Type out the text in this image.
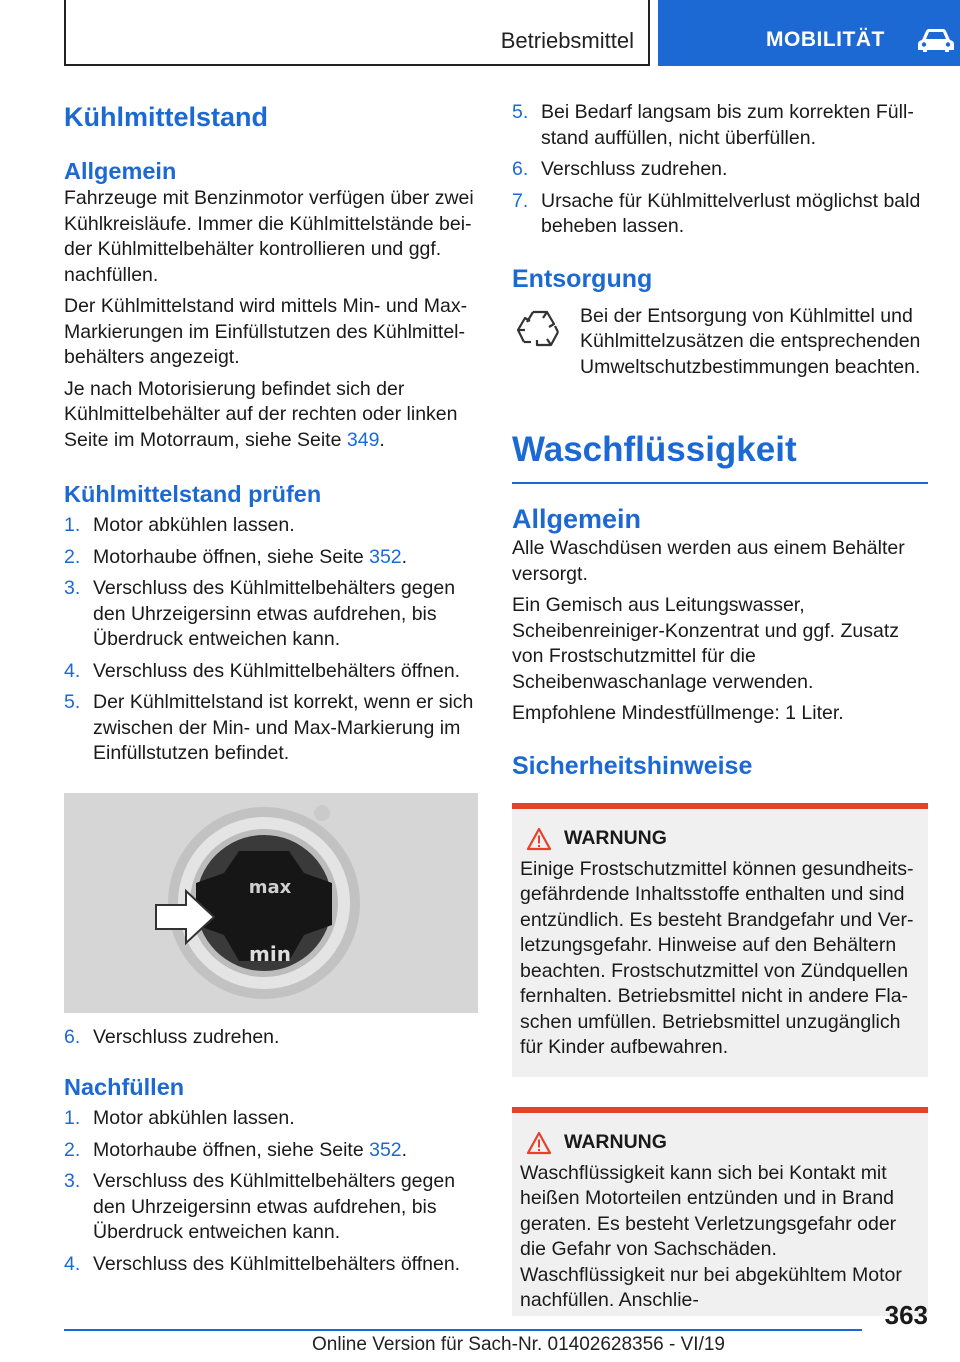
Betriebsmittel	MOBILITÄT
Kühlmittelstand
Allgemein

Fahrzeuge mit Benzinmotor verfügen über zwei Kühlkreisläufe. Immer die Kühlmittelstände beider Kühlmittelbehälter kontrollieren und ggf. nachfüllen.

Der Kühlmittelstand wird mittels Min- und Max-Markierungen im Einfüllstutzen des Kühlmittelbehälters angezeigt.

Je nach Motorisierung befindet sich der Kühlmittelbehälter auf der rechten oder linken Seite im Motorraum, siehe Seite 349.

Kühlmittelstand prüfen
1. Motor abkühlen lassen.
2. Motorhaube öffnen, siehe Seite 352.
3. Verschluss des Kühlmittelbehälters gegen den Uhrzeigersinn etwas aufdrehen, bis Überdruck entweichen kann.
4. Verschluss des Kühlmittelbehälters öffnen.
5. Der Kühlmittelstand ist korrekt, wenn er sich zwischen der Min- und Max-Markierung im Einfüllstutzen befindet.
max
min
6. Verschluss zudrehen.
Nachfüllen
1. Motor abkühlen lassen.
2. Motorhaube öffnen, siehe Seite 352.
3. Verschluss des Kühlmittelbehälters gegen den Uhrzeigersinn etwas aufdrehen, bis Überdruck entweichen kann.
4. Verschluss des Kühlmittelbehälters öffnen.
5. Bei Bedarf langsam bis zum korrekten Füllstand auffüllen, nicht überfüllen.
6. Verschluss zudrehen.
7. Ursache für Kühlmittelverlust möglichst bald beheben lassen.
Entsorgung

Bei der Entsorgung von Kühlmittel und Kühlmittelzusätzen die entsprechenden Umweltschutzbestimmungen beachten.

Waschflüssigkeit
Allgemein

Alle Waschdüsen werden aus einem Behälter versorgt.

Ein Gemisch aus Leitungswasser, Scheibenreiniger-Konzentrat und ggf. Zusatz von Frostschutzmittel für die Scheibenwaschanlage verwenden.

Empfohlene Mindestfüllmenge: 1 Liter.

Sicherheitshinweise
WARNUNG

Einige Frostschutzmittel können gesundheitsgefährdende Inhaltsstoffe enthalten und sind entzündlich. Es besteht Brandgefahr und Verletzungsgefahr. Hinweise auf den Behältern beachten. Frostschutzmittel von Zündquellen fernhalten. Betriebsmittel nicht in andere Flaschen umfüllen. Betriebsmittel unzugänglich für Kinder aufbewahren.

WARNUNG

Waschflüssigkeit kann sich bei Kontakt mit heißen Motorteilen entzünden und in Brand geraten. Es besteht Verletzungsgefahr oder die Gefahr von Sachschäden. Waschflüssigkeit nur bei abgekühltem Motor nachfüllen. Anschlie-	363
Online Version für Sach-Nr. 01402628356 - VI/19
